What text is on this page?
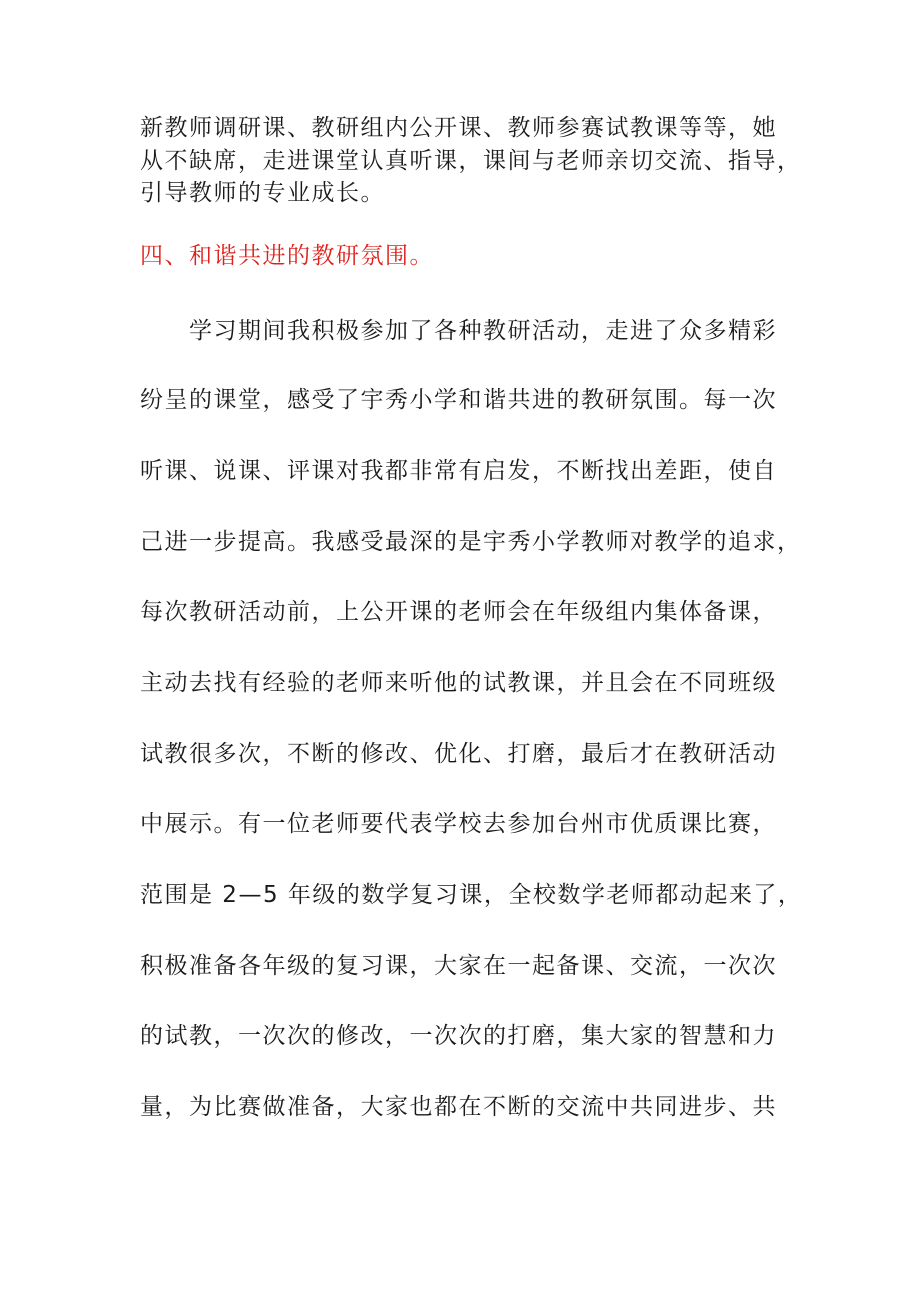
新教师调研课、教研组内公开课、教师参赛试教课等等，她
从不缺席，走进课堂认真听课，课间与老师亲切交流、指导，
引导教师的专业成长。
四、和谐共进的教研氛围。
　　学习期间我积极参加了各种教研活动，走进了众多精彩
纷呈的课堂，感受了宇秀小学和谐共进的教研氛围。每一次
听课、说课、评课对我都非常有启发，不断找出差距，使自
己进一步提高。我感受最深的是宇秀小学教师对教学的追求，
每次教研活动前，上公开课的老师会在年级组内集体备课，
主动去找有经验的老师来听他的试教课，并且会在不同班级
试教很多次，不断的修改、优化、打磨，最后才在教研活动
中展示。有一位老师要代表学校去参加台州市优质课比赛，
范围是 2—5 年级的数学复习课，全校数学老师都动起来了，
积极准备各年级的复习课，大家在一起备课、交流，一次次
的试教，一次次的修改，一次次的打磨，集大家的智慧和力
量，为比赛做准备，大家也都在不断的交流中共同进步、共
